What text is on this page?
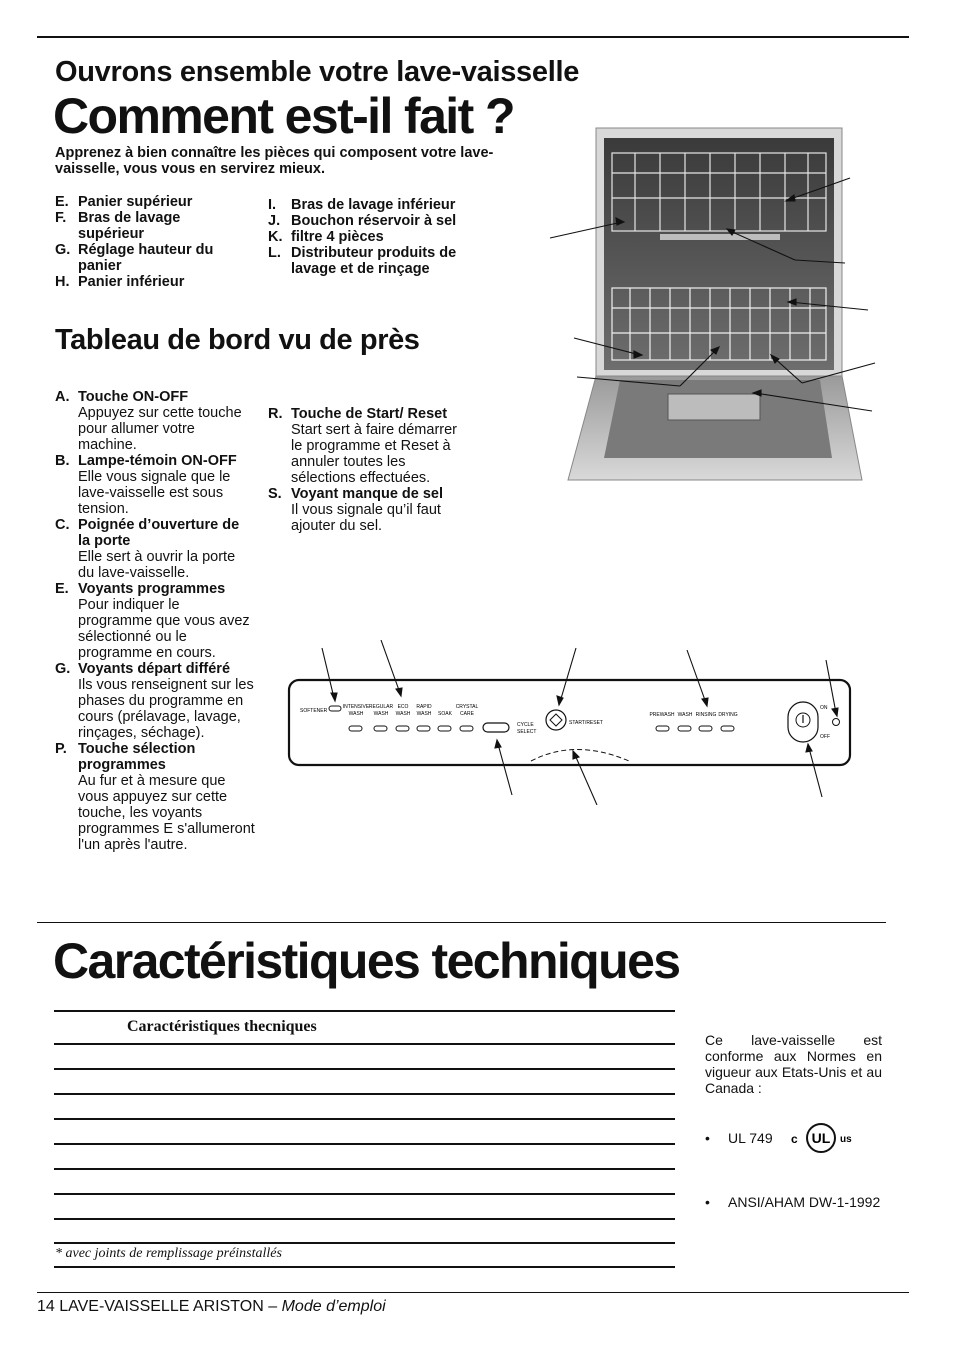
Ouvrons ensemble votre lave-vaisselle
Comment est-il fait ?
Apprenez à bien connaître les pièces qui composent votre lave-vaisselle, vous vous en servirez mieux.
E. Panier supérieur
F. Bras de lavage supérieur
G. Réglage hauteur du panier
H. Panier inférieur
I. Bras de lavage inférieur
J. Bouchon réservoir à sel
K. filtre 4 pièces
L. Distributeur produits de lavage et de rinçage
Tableau de bord vu de près
A. Touche ON-OFF
Appuyez sur cette touche pour allumer votre machine.
B. Lampe-témoin ON-OFF
Elle vous signale que le lave-vaisselle est sous tension.
C. Poignée d’ouverture de la porte
Elle sert à ouvrir la porte du lave-vaisselle.
E. Voyants programmes
Pour indiquer le programme que vous avez sélectionné ou le programme en cours.
G. Voyants départ différé
Ils vous renseignent sur les phases du programme en cours (prélavage, lavage, rinçages, séchage).
P. Touche sélection programmes
Au fur et à mesure que vous appuyez sur cette touche, les voyants programmes E s'allumeront l'un après l'autre.
R. Touche de Start/ Reset
Start sert à faire démarrer le programme et Reset à annuler toutes les sélections effectuées.
S. Voyant manque de sel
Il vous signale qu’il faut ajouter du sel.
SOFTENER
INTENSIVE
WASH
REGULAR
WASH
ECO
WASH
RAPID
WASH SOAK
CRYSTAL
CARE
CYCLE
SELECT
START/RESET
PREWASH WASH RINSING DRYING
ON
OFF
Caractéristiques techniques
Caractéristiques thecniques
* avec joints de remplissage préinstallés
Ce lave-vaisselle est conforme aux Normes en vigueur aux Etats-Unis et au Canada :
• UL 749 c UL us
• ANSI/AHAM DW-1-1992
14 LAVE-VAISSELLE ARISTON – Mode d’emploi
